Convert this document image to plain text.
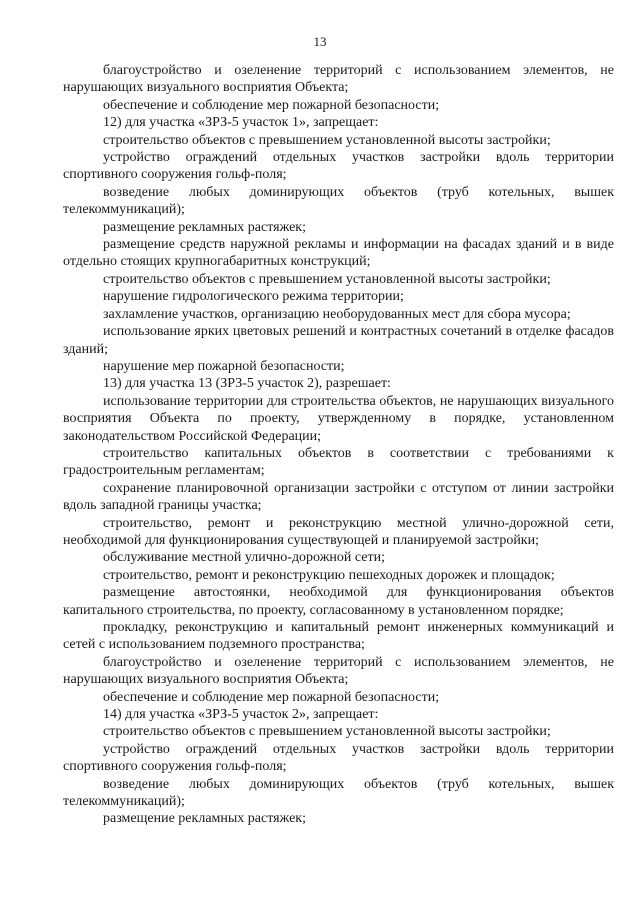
13

благоустройство и озеленение территорий с использованием элементов, не нарушающих визуального восприятия Объекта;

обеспечение и соблюдение мер пожарной безопасности;

12) для участка «ЗРЗ-5 участок 1», запрещает:

строительство объектов с превышением установленной высоты застройки;

устройство ограждений отдельных участков застройки вдоль территории спортивного сооружения гольф-поля;

возведение любых доминирующих объектов (труб котельных, вышек телекоммуникаций);

размещение рекламных растяжек;

размещение средств наружной рекламы и информации на фасадах зданий и в виде отдельно стоящих крупногабаритных конструкций;

строительство объектов с превышением установленной высоты застройки;

нарушение гидрологического режима территории;

захламление участков, организацию необорудованных мест для сбора мусора;

использование ярких цветовых решений и контрастных сочетаний в отделке фасадов зданий;

нарушение мер пожарной безопасности;

13) для участка 13 (ЗРЗ-5 участок 2), разрешает:

использование территории для строительства объектов, не нарушающих визуального восприятия Объекта по проекту, утвержденному в порядке, установленном законодательством Российской Федерации;

строительство капитальных объектов в соответствии с требованиями к градостроительным регламентам;

сохранение планировочной организации застройки с отступом от линии застройки вдоль западной границы участка;

строительство, ремонт и реконструкцию местной улично-дорожной сети, необходимой для функционирования существующей и планируемой застройки;

обслуживание местной улично-дорожной сети;

строительство, ремонт и реконструкцию пешеходных дорожек и площадок;

размещение автостоянки, необходимой для функционирования объектов капитального строительства, по проекту, согласованному в установленном порядке;

прокладку, реконструкцию и капитальный ремонт инженерных коммуникаций и сетей с использованием подземного пространства;

благоустройство и озеленение территорий с использованием элементов, не нарушающих визуального восприятия Объекта;

обеспечение и соблюдение мер пожарной безопасности;

14) для участка «ЗРЗ-5 участок 2», запрещает:

строительство объектов с превышением установленной высоты застройки;

устройство ограждений отдельных участков застройки вдоль территории спортивного сооружения гольф-поля;

возведение любых доминирующих объектов (труб котельных, вышек телекоммуникаций);

размещение рекламных растяжек;
